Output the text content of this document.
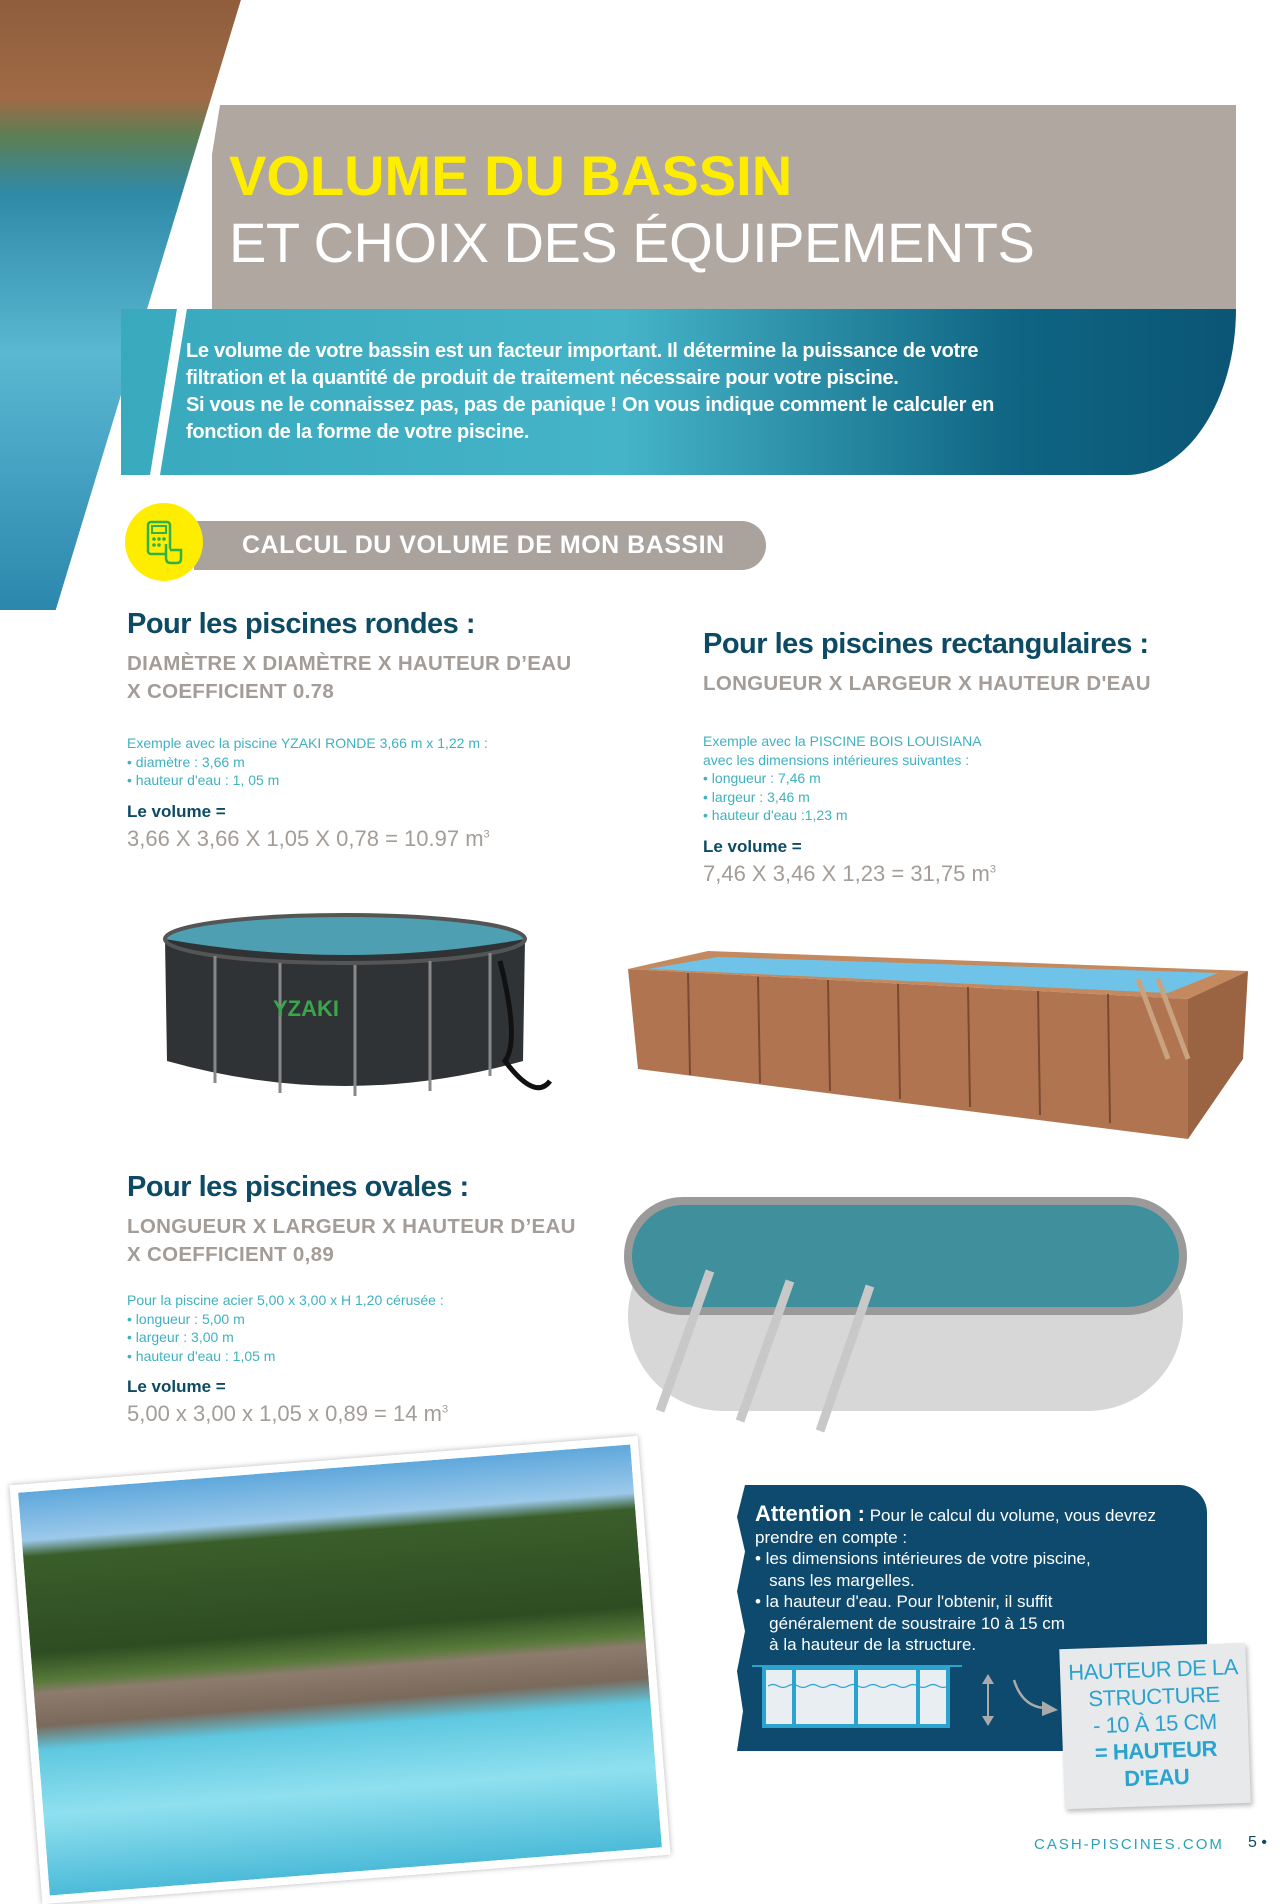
VOLUME DU BASSIN
ET CHOIX DES ÉQUIPEMENTS
Le volume de votre bassin est un facteur important. Il détermine la puissance de votre
filtration et la quantité de produit de traitement nécessaire pour votre piscine.
Si vous ne le connaissez pas, pas de panique ! On vous indique comment le calculer en
fonction de la forme de votre piscine.
CALCUL DU VOLUME DE MON BASSIN
Pour les piscines rondes :
DIAMÈTRE X DIAMÈTRE X HAUTEUR D’EAU
X COEFFICIENT 0.78
Exemple avec la piscine YZAKI RONDE 3,66 m x 1,22 m :
• diamètre : 3,66 m
• hauteur d'eau : 1, 05 m
Le volume =
3,66 X 3,66 X 1,05 X 0,78 = 10.97 $m^3$
Pour les piscines rectangulaires :
LONGUEUR X LARGEUR X HAUTEUR D'EAU
Exemple avec la PISCINE BOIS LOUISIANA
avec les dimensions intérieures suivantes :
• longueur : 7,46 m
• largeur : 3,46 m
• hauteur d'eau :1,23 m
Le volume =
7,46 X 3,46 X 1,23 = 31,75 $m^3$
Pour les piscines ovales :
LONGUEUR X LARGEUR X HAUTEUR D’EAU
X COEFFICIENT 0,89
Pour la piscine acier 5,00 x 3,00 x H 1,20 cérusée :
• longueur : 5,00 m
• largeur : 3,00 m
• hauteur d'eau : 1,05 m
Le volume =
5,00 x 3,00 x 1,05 x 0,89 = 14 $m^3$
YZAKI
Attention : Pour le calcul du volume, vous devrez
prendre en compte :
• les dimensions intérieures de votre piscine,
sans les margelles.
• la hauteur d'eau. Pour l'obtenir, il suffit
généralement de soustraire 10 à 15 cm
à la hauteur de la structure.
HAUTEUR DE LA
STRUCTURE
- 10 À 15 CM
= HAUTEUR
D'EAU
CASH-PISCINES.COM 5 •
